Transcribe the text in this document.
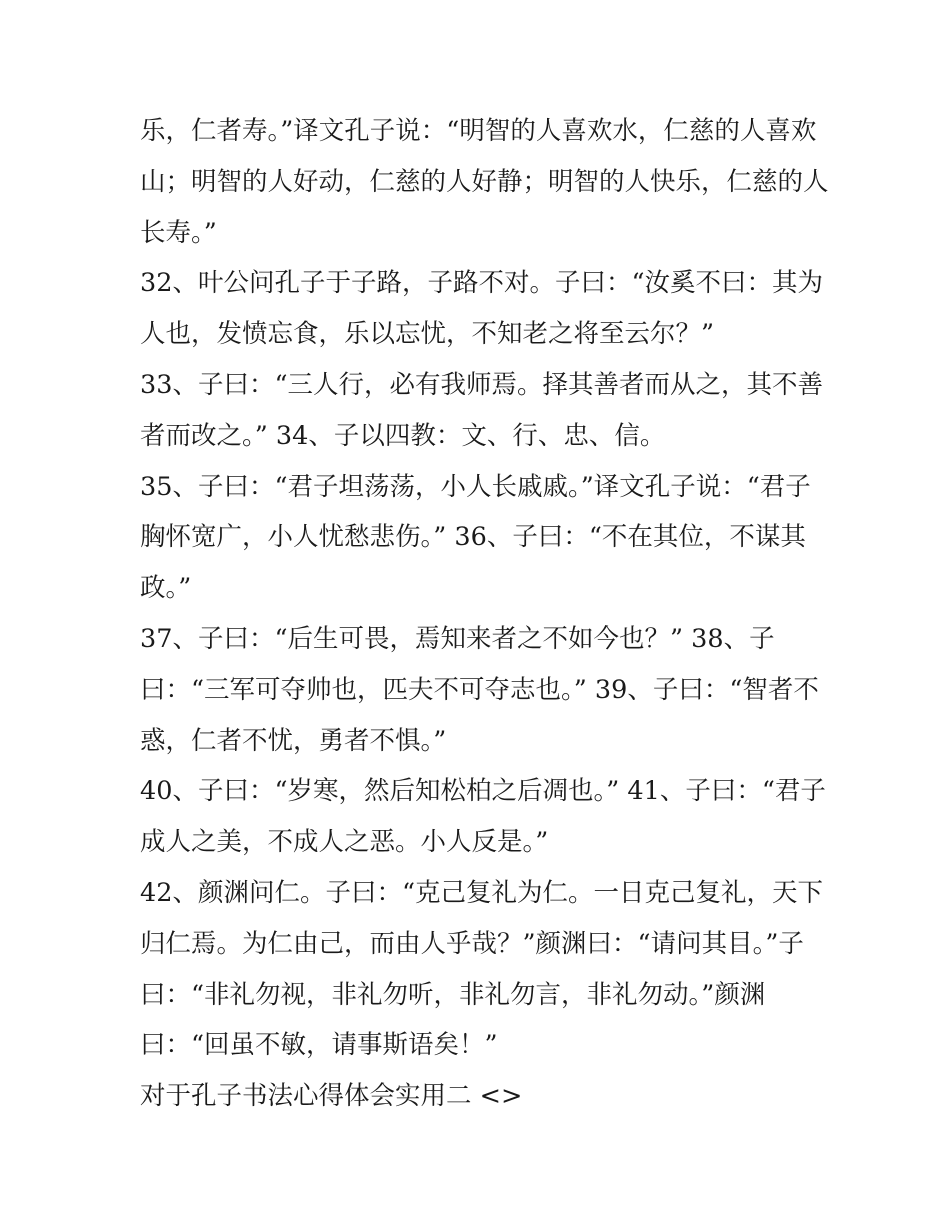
乐，仁者寿。”译文孔子说：“明智的人喜欢水，仁慈的人喜欢
山；明智的人好动，仁慈的人好静；明智的人快乐，仁慈的人
长寿。”
32、叶公问孔子于子路，子路不对。子曰：“汝奚不曰：其为
人也，发愤忘食，乐以忘忧，不知老之将至云尔？”
33、子曰：“三人行，必有我师焉。择其善者而从之，其不善
者而改之。” 34、子以四教：文、行、忠、信。
35、子曰：“君子坦荡荡，小人长戚戚。”译文孔子说：“君子
胸怀宽广，小人忧愁悲伤。” 36、子曰：“不在其位，不谋其
政。”
37、子曰：“后生可畏，焉知来者之不如今也？” 38、子
曰：“三军可夺帅也，匹夫不可夺志也。” 39、子曰：“智者不
惑，仁者不忧，勇者不惧。”
40、子曰：“岁寒，然后知松柏之后凋也。” 41、子曰：“君子
成人之美，不成人之恶。小人反是。”
42、颜渊问仁。子曰：“克己复礼为仁。一日克己复礼，天下
归仁焉。为仁由己，而由人乎哉？”颜渊曰：“请问其目。”子
曰：“非礼勿视，非礼勿听，非礼勿言，非礼勿动。”颜渊
曰：“回虽不敏，请事斯语矣！”
对于孔子书法心得体会实用二 <>
